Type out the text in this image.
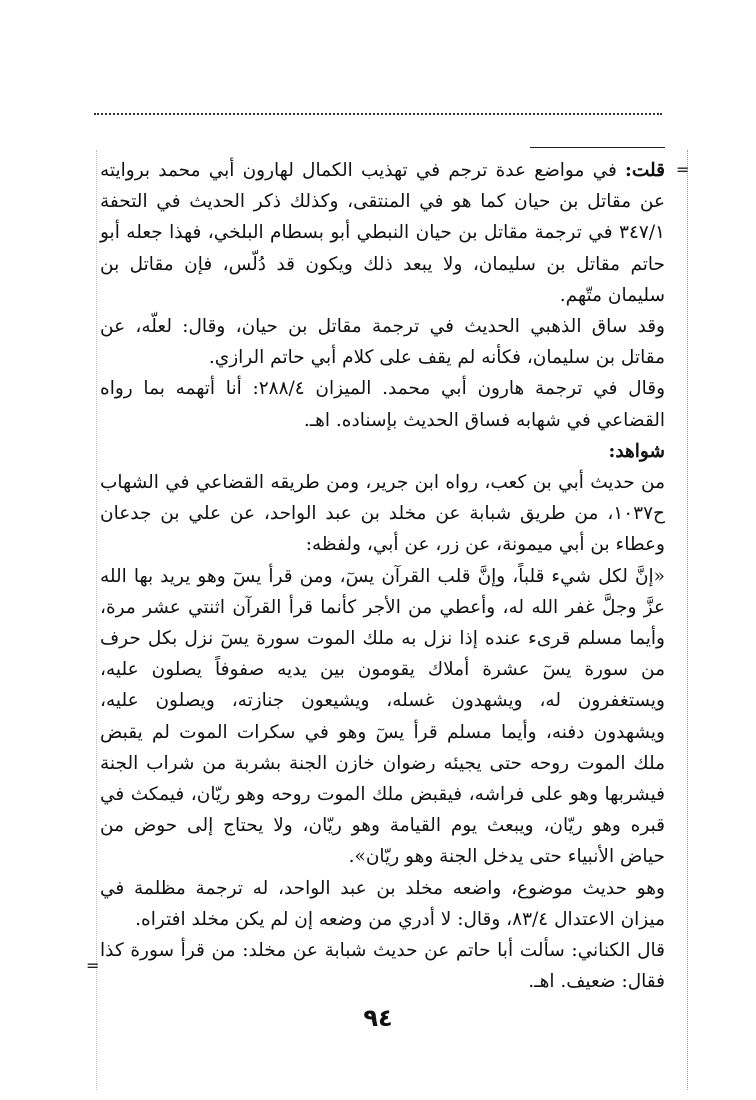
=
=

قلت: في مواضع عدة ترجم في تهذيب الكمال لهارون أبي محمد بروايته عن مقاتل بن حيان كما هو في المنتقى، وكذلك ذكر الحديث في التحفة ٣٤٧/١ في ترجمة مقاتل بن حيان النبطي أبو بسطام البلخي، فهذا جعله أبو حاتم مقاتل بن سليمان، ولا يبعد ذلك ويكون قد دُلّس، فإن مقاتل بن سليمان متّهم.

وقد ساق الذهبي الحديث في ترجمة مقاتل بن حيان، وقال: لعلّه، عن مقاتل بن سليمان، فكأنه لم يقف على كلام أبي حاتم الرازي.

وقال في ترجمة هارون أبي محمد. الميزان ٢٨٨/٤: أنا أتهمه بما رواه القضاعي في شهابه فساق الحديث بإسناده. اهـ.

شواهد:

من حديث أبي بن كعب، رواه ابن جرير، ومن طريقه القضاعي في الشهاب ح١٠٣٧، من طريق شبابة عن مخلد بن عبد الواحد، عن علي بن جدعان وعطاء بن أبي ميمونة، عن زر، عن أبي، ولفظه:

«إنَّ لكل شيء قلباً، وإنَّ قلب القرآن يسٓ، ومن قرأ يسٓ وهو يريد بها الله عزَّ وجلَّ غفر الله له، وأعطي من الأجر كأنما قرأ القرآن اثنتي عشر مرة، وأيما مسلم قرىء عنده إذا نزل به ملك الموت سورة يسٓ نزل بكل حرف من سورة يسٓ عشرة أملاك يقومون بين يديه صفوفاً يصلون عليه، ويستغفرون له، ويشهدون غسله، ويشيعون جنازته، ويصلون عليه، ويشهدون دفنه، وأيما مسلم قرأ يسٓ وهو في سكرات الموت لم يقبض ملك الموت روحه حتى يجيئه رضوان خازن الجنة بشربة من شراب الجنة فيشربها وهو على فراشه، فيقبض ملك الموت روحه وهو ريّان، فيمكث في قبره وهو ريّان، ويبعث يوم القيامة وهو ريّان، ولا يحتاج إلى حوض من حياض الأنبياء حتى يدخل الجنة وهو ريّان».

وهو حديث موضوع، واضعه مخلد بن عبد الواحد، له ترجمة مظلمة في ميزان الاعتدال ٨٣/٤، وقال: لا أدري من وضعه إن لم يكن مخلد افتراه.

قال الكناني: سألت أبا حاتم عن حديث شبابة عن مخلد: من قرأ سورة كذا فقال: ضعيف. اهـ.

٩٤
